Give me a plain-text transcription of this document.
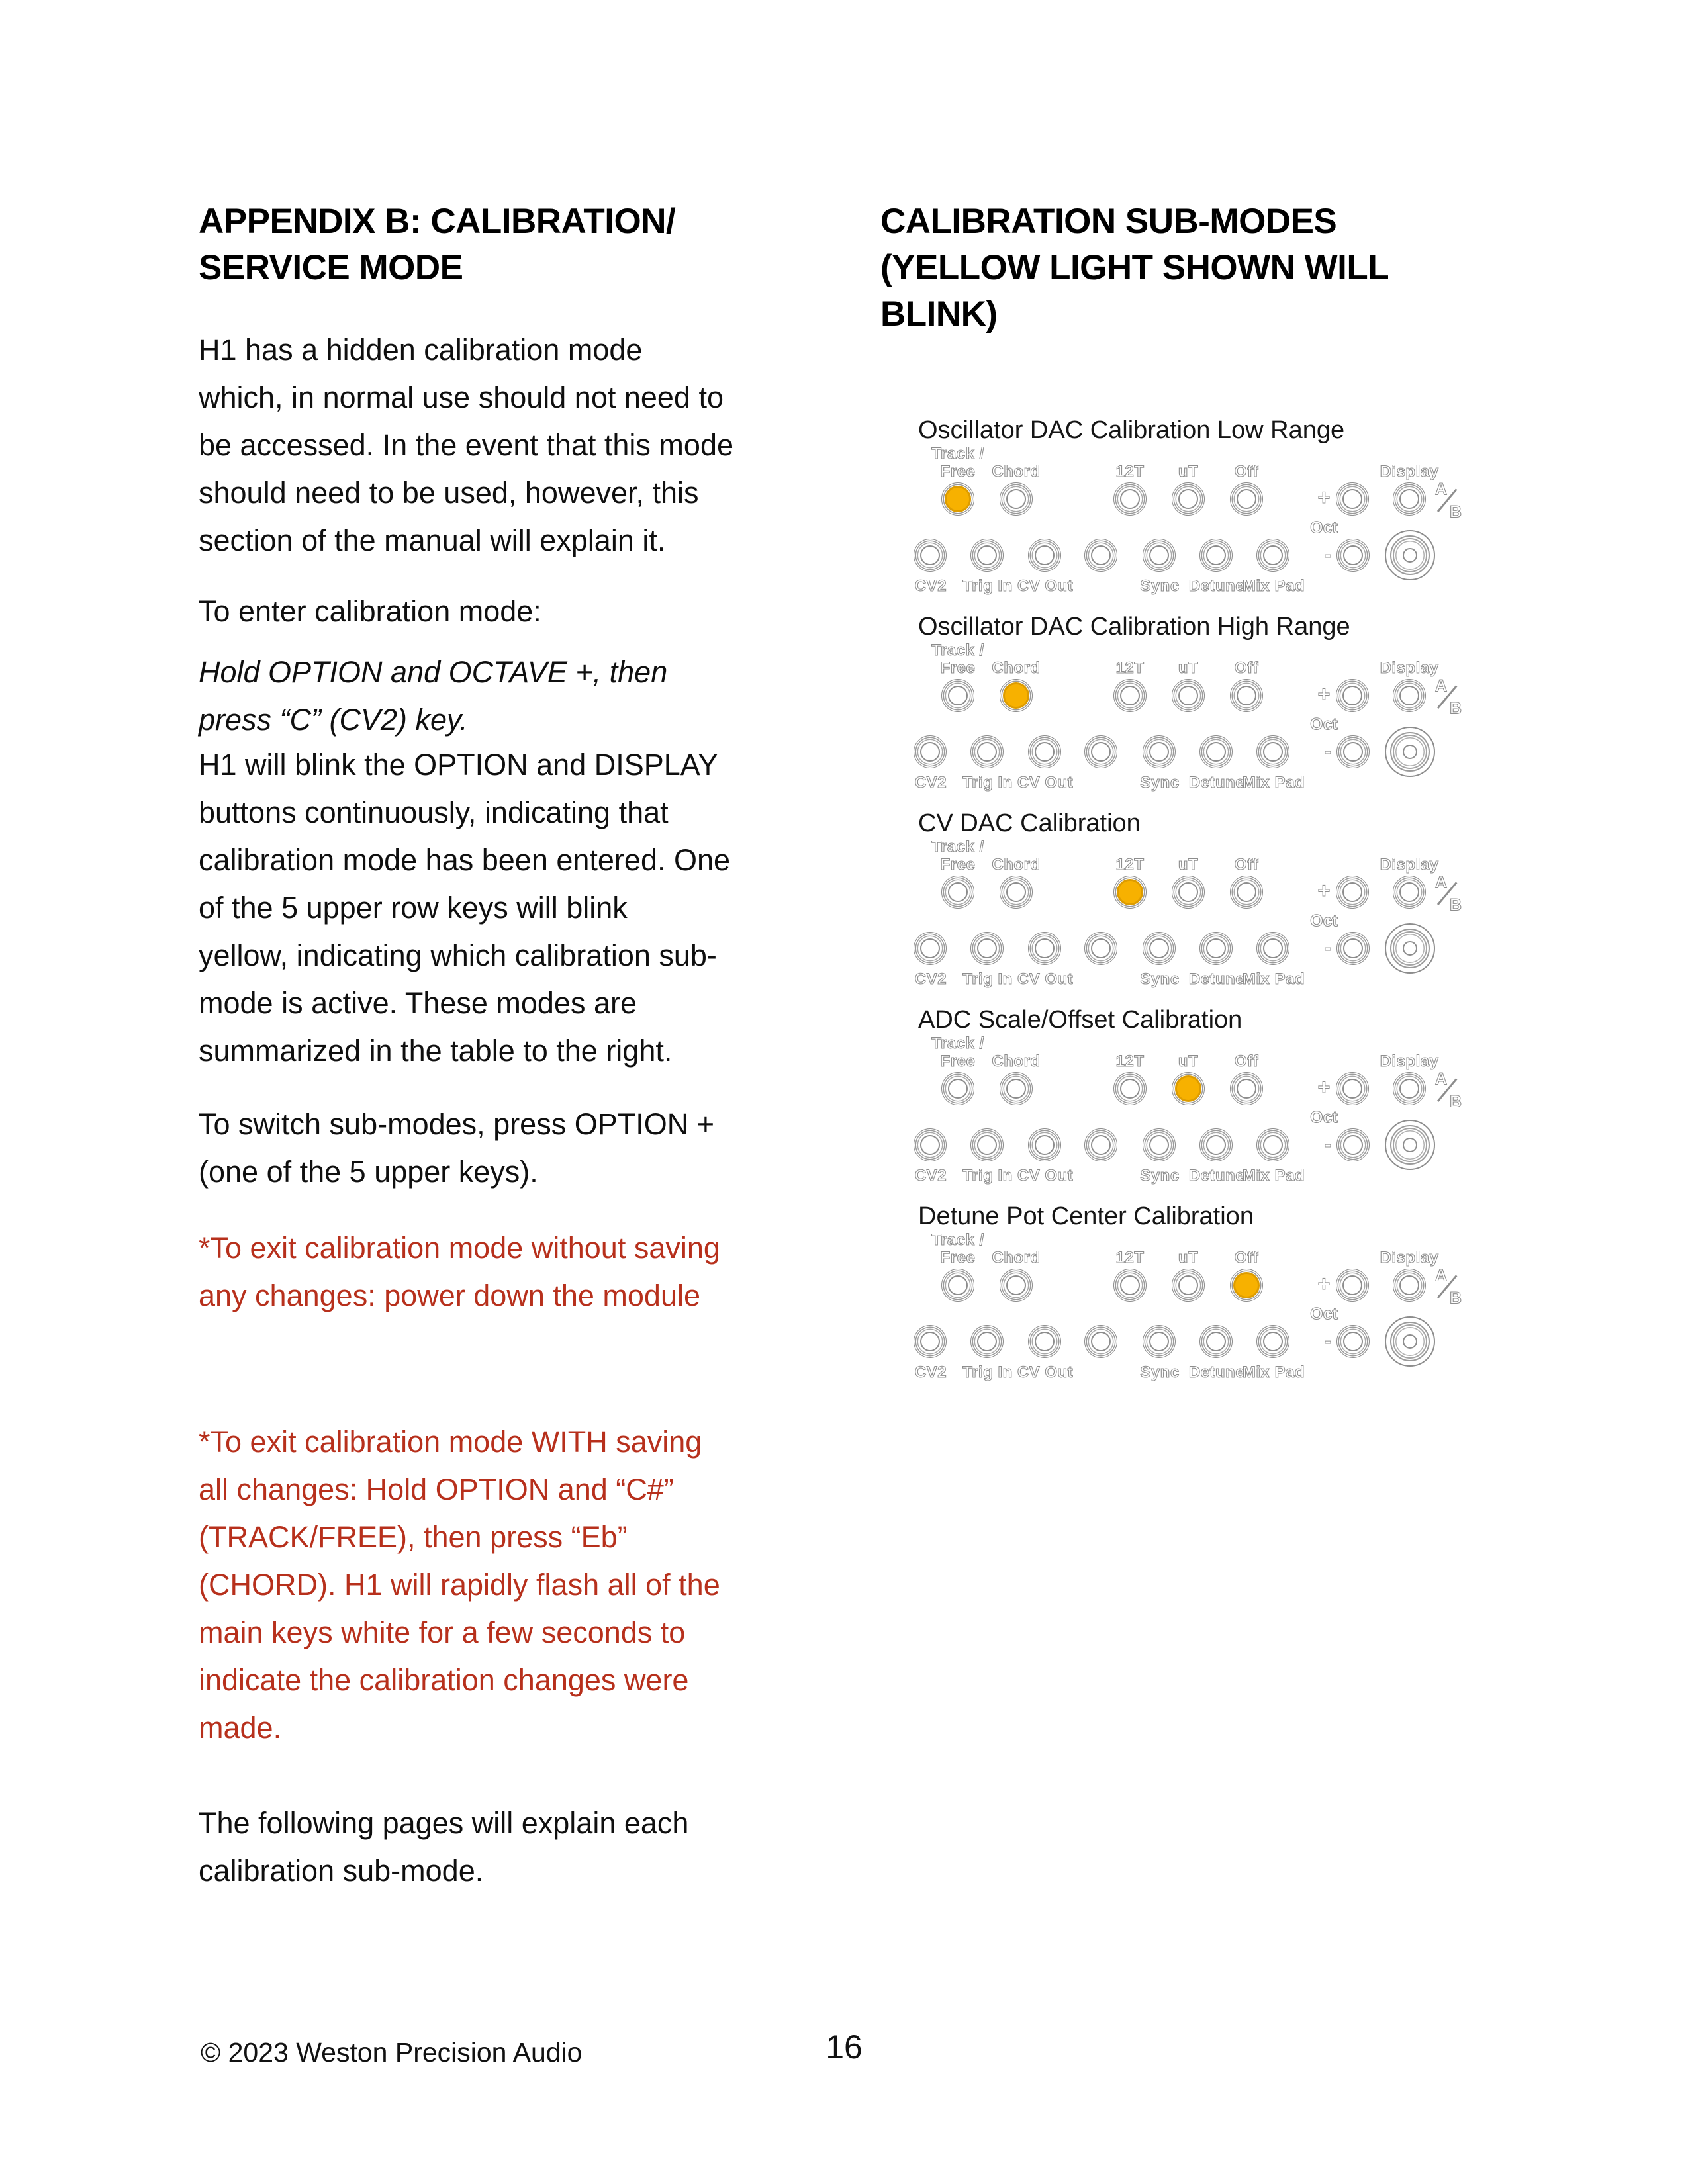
APPENDIX B: CALIBRATION/
SERVICE MODE
CALIBRATION SUB-MODES
(YELLOW LIGHT SHOWN WILL
BLINK)
H1 has a hidden calibration mode
which, in normal use should not need to
be accessed. In the event that this mode
should need to be used, however, this
section of the manual will explain it.
To enter calibration mode:
Hold OPTION and OCTAVE +, then
press “C” (CV2) key.
H1 will blink the OPTION and DISPLAY
buttons continuously, indicating that
calibration mode has been entered. One
of the 5 upper row keys will blink
yellow, indicating which calibration sub-
mode is active. These modes are
summarized in the table to the right.
To switch sub-modes, press OPTION +
(one of the 5 upper keys).
*To exit calibration mode without saving
any changes: power down the module
*To exit calibration mode WITH saving
all changes: Hold OPTION and “C#”
(TRACK/FREE), then press “Eb”
(CHORD). H1 will rapidly flash all of the
main keys white for a few seconds to
indicate the calibration changes were
made.
The following pages will explain each
calibration sub-mode.
Oscillator DAC Calibration Low Range
Track /
Free	Chord	12T uT Off
+
Oct
-
Display
A
B
CV2 Trig In CV Out	Sync Detune
Mix Pad
Oscillator DAC Calibration High Range
Track /
Free	Chord	12T uT Off
+
Oct
-
Display
A
B
CV2 Trig In CV Out	Sync Detune
Mix Pad
CV DAC Calibration
Track /
Free	Chord	12T uT Off
+
Oct
-
Display
A
B
CV2 Trig In CV Out	Sync Detune
Mix Pad
ADC Scale/Offset Calibration
Track /
Free	Chord	12T uT Off
+
Oct
-
Display
A
B
CV2 Trig In CV Out	Sync Detune
Mix Pad
Detune Pot Center Calibration
Track /
Free	Chord	12T uT Off
+
Oct
-
Display
A
B
CV2 Trig In CV Out	Sync Detune
Mix Pad
© 2023 Weston Precision Audio	16
